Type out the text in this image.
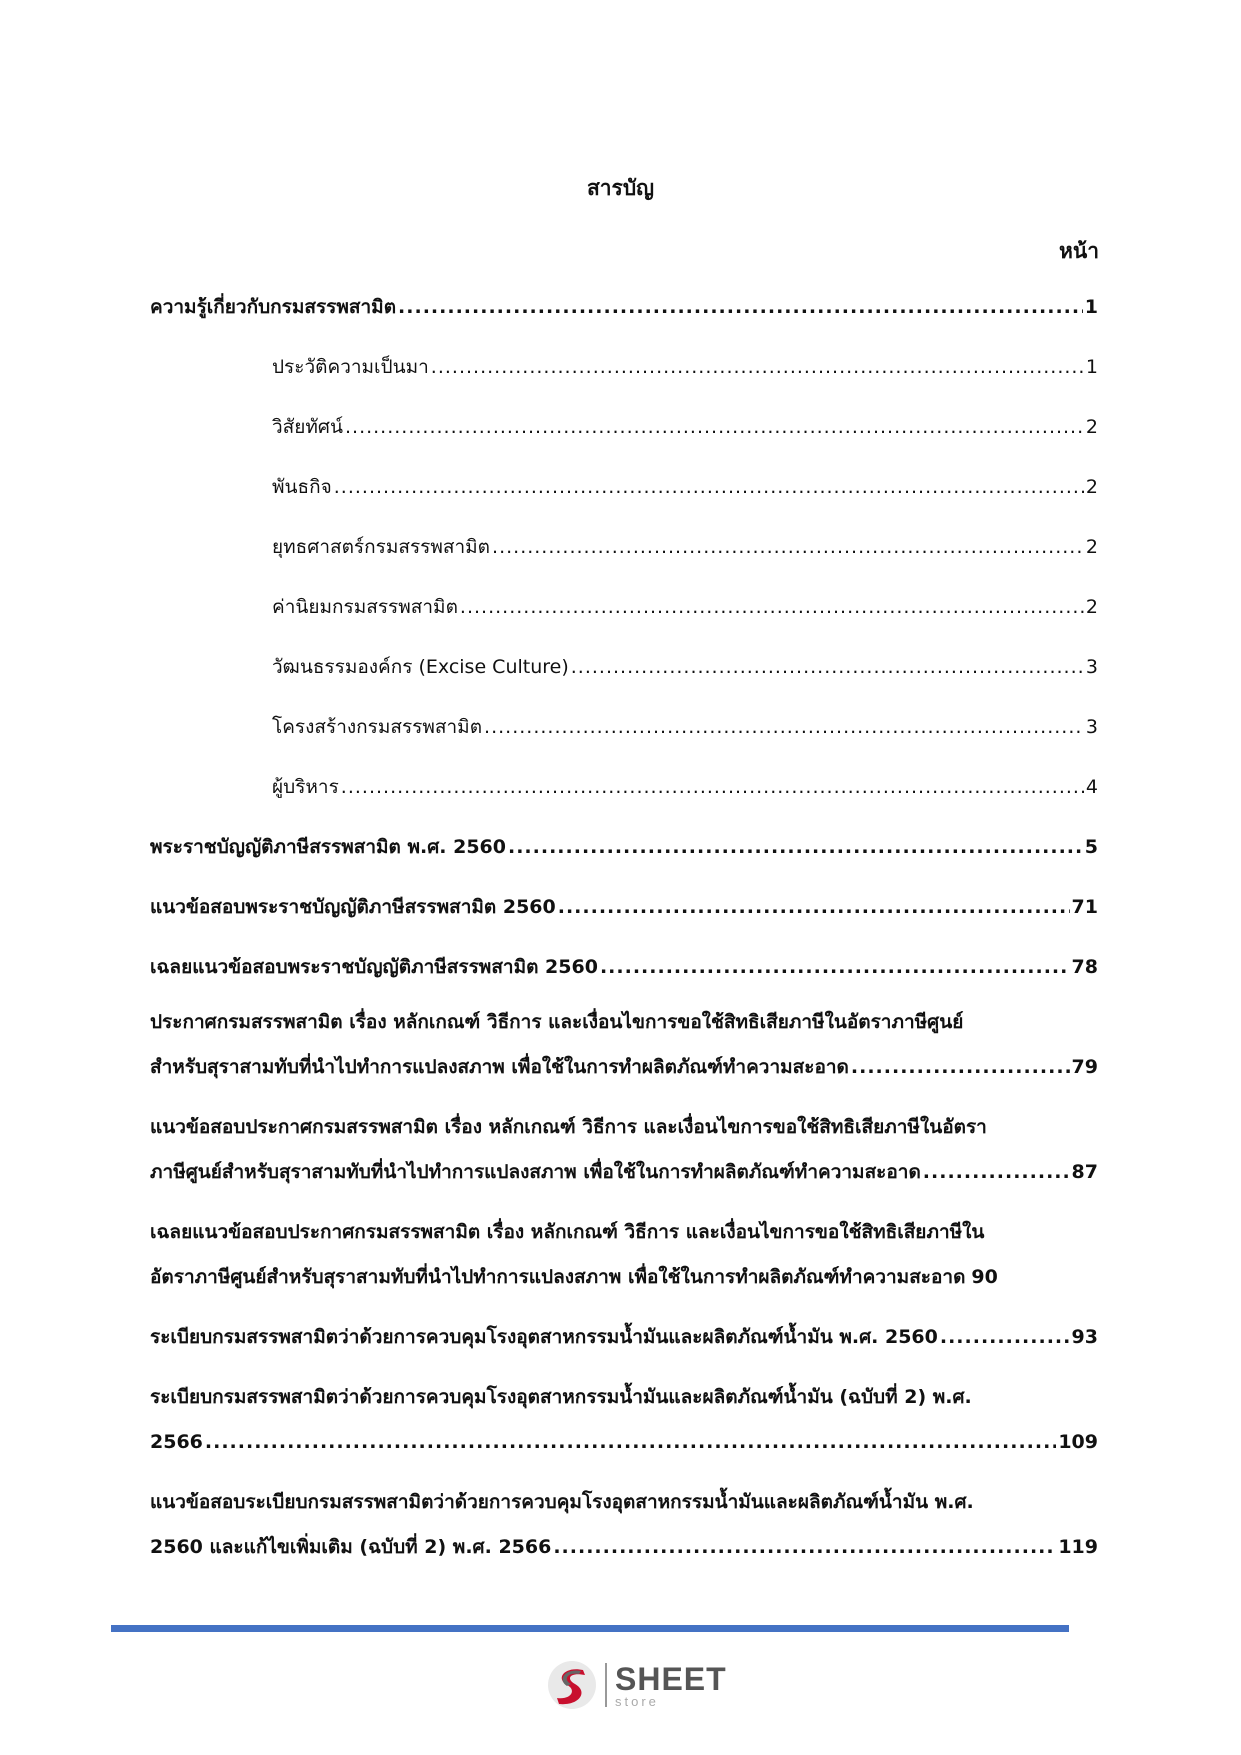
สารบัญ
หน้า
ความรู้เกี่ยวกับกรมสรรพสามิต .....	1
ประวัติความเป็นมา .....	1
วิสัยทัศน์ .....	2
พันธกิจ .....	2
ยุทธศาสตร์กรมสรรพสามิต .....	2
ค่านิยมกรมสรรพสามิต .....	2
วัฒนธรรมองค์กร (Excise Culture) .....	3
โครงสร้างกรมสรรพสามิต .....	3
ผู้บริหาร .....	4
พระราชบัญญัติภาษีสรรพสามิต พ.ศ. 2560 .....	5
แนวข้อสอบพระราชบัญญัติภาษีสรรพสามิต 2560 .....	71
เฉลยแนวข้อสอบพระราชบัญญัติภาษีสรรพสามิต 2560 .....	78
ประกาศกรมสรรพสามิต เรื่อง หลักเกณฑ์ วิธีการ และเงื่อนไขการขอใช้สิทธิเสียภาษีในอัตราภาษีศูนย์
สำหรับสุราสามทับที่นำไปทำการแปลงสภาพ เพื่อใช้ในการทำผลิตภัณฑ์ทำความสะอาด .....	79
แนวข้อสอบประกาศกรมสรรพสามิต เรื่อง หลักเกณฑ์ วิธีการ และเงื่อนไขการขอใช้สิทธิเสียภาษีในอัตรา
ภาษีศูนย์สำหรับสุราสามทับที่นำไปทำการแปลงสภาพ เพื่อใช้ในการทำผลิตภัณฑ์ทำความสะอาด .....	87
เฉลยแนวข้อสอบประกาศกรมสรรพสามิต เรื่อง หลักเกณฑ์ วิธีการ และเงื่อนไขการขอใช้สิทธิเสียภาษีใน
อัตราภาษีศูนย์สำหรับสุราสามทับที่นำไปทำการแปลงสภาพ เพื่อใช้ในการทำผลิตภัณฑ์ทำความสะอาด 90
ระเบียบกรมสรรพสามิตว่าด้วยการควบคุมโรงอุตสาหกรรมน้ำมันและผลิตภัณฑ์น้ำมัน พ.ศ. 2560 .....	93
ระเบียบกรมสรรพสามิตว่าด้วยการควบคุมโรงอุตสาหกรรมน้ำมันและผลิตภัณฑ์น้ำมัน (ฉบับที่ 2) พ.ศ.
2566 .....	109
แนวข้อสอบระเบียบกรมสรรพสามิตว่าด้วยการควบคุมโรงอุตสาหกรรมน้ำมันและผลิตภัณฑ์น้ำมัน พ.ศ.
2560 และแก้ไขเพิ่มเติม (ฉบับที่ 2) พ.ศ. 2566 .....	119
SHEET
store
